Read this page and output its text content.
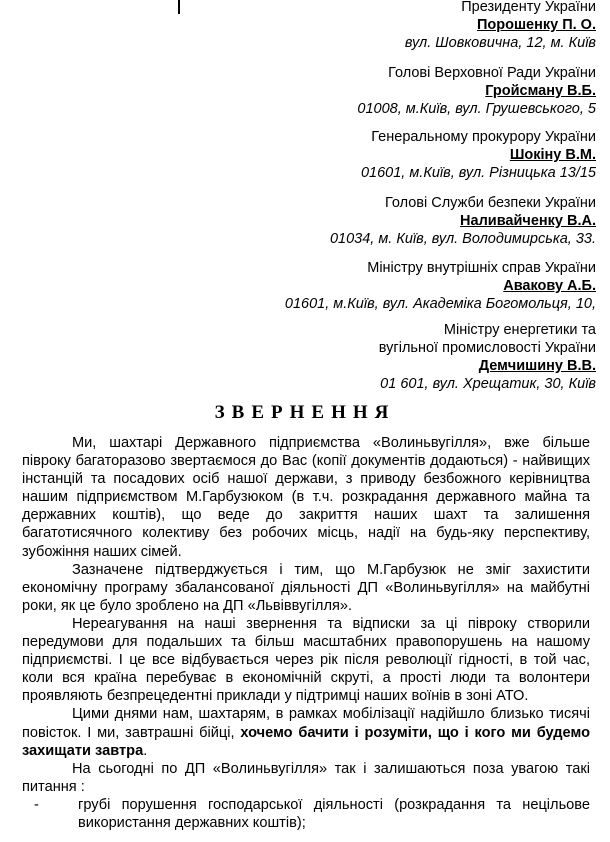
Президенту України
Порошенку П. О.
вул. Шовковична, 12, м. Київ
Голові Верховної Ради України
Гройсману В.Б.
01008, м.Київ, вул. Грушевського, 5
Генеральному прокурору України
Шокіну В.М.
01601, м.Київ, вул. Різницька 13/15
Голові Служби безпеки України
Наливайченку В.А.
01034, м. Київ, вул. Володимирська, 33.
Міністру внутрішніх справ України
Авакову А.Б.
01601, м.Київ, вул. Академіка Богомольця, 10,
Міністру енергетики та
вугільної промисловості України
Демчишину В.В.
01 601, вул. Хрещатик, 30, Київ
ЗВЕРНЕННЯ

Ми, шахтарі Державного підприємства «Волиньвугілля», вже більше півроку багаторазово звертаємося до Вас (копії документів додаються) - найвищих інстанцій та посадових осіб нашої держави, з приводу безбожного керівництва нашим підприємством М.Гарбузюком (в т.ч. розкрадання державного майна та державних коштів), що веде до закриття наших шахт та залишення багатотисячного колективу без робочих місць, надії на будь-яку перспективу, зубожіння наших сімей.

Зазначене підтверджується і тим, що М.Гарбузюк не зміг захистити економічну програму збалансованої діяльності ДП «Волиньвугілля» на майбутні роки, як це було зроблено на ДП «Львіввугілля».

Нереагування на наші звернення та відписки за ці півроку створили передумови для подальших та більш масштабних правопорушень на нашому підприємстві. І це все відбувається через рік після революції гідності, в той час, коли вся країна перебуває в економічній скруті, а прості люди та волонтери проявляють безпрецедентні приклади у підтримці наших воїнів в зоні АТО.

Цими днями нам, шахтарям, в рамках мобілізації надійшло близько тисячі повісток. І ми, завтрашні бійці, хочемо бачити і розуміти, що і кого ми будемо захищати завтра.

На сьогодні по ДП «Волиньвугілля» так і залишаються поза увагою такі питання :

-	грубі порушення господарської діяльності (розкрадання та нецільове використання державних коштів);
